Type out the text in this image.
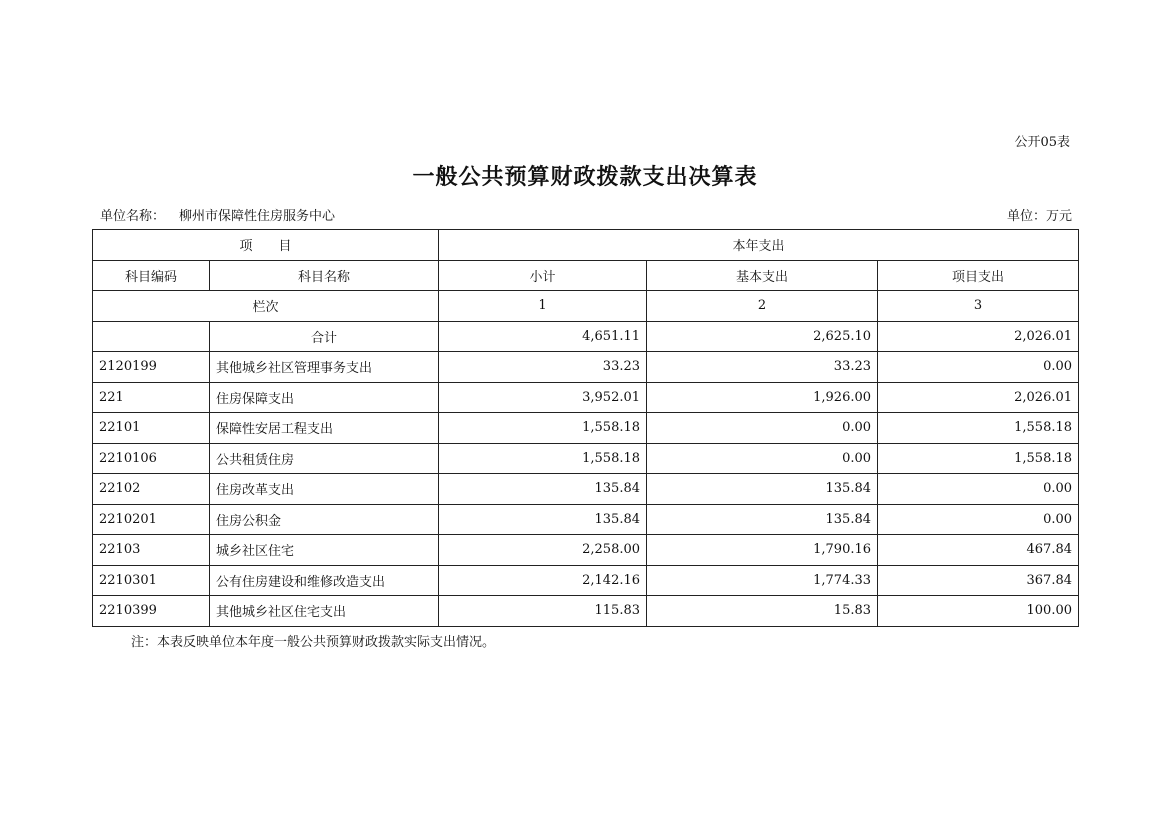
公开05表
一般公共预算财政拨款支出决算表
单位名称： 柳州市保障性住房服务中心	单位：万元
项　　目		本年支出		
科目编码	科目名称	小计	基本支出	项目支出
栏次		1	2	3
	合计	4,651.11	2,625.10	2,026.01
2120199	其他城乡社区管理事务支出	33.23	33.23	0.00
221	住房保障支出	3,952.01	1,926.00	2,026.01
22101	保障性安居工程支出	1,558.18	0.00	1,558.18
2210106	公共租赁住房	1,558.18	0.00	1,558.18
22102	住房改革支出	135.84	135.84	0.00
2210201	住房公积金	135.84	135.84	0.00
22103	城乡社区住宅	2,258.00	1,790.16	467.84
2210301	公有住房建设和维修改造支出	2,142.16	1,774.33	367.84
2210399	其他城乡社区住宅支出	115.83	15.83	100.00
注：本表反映单位本年度一般公共预算财政拨款实际支出情况。
